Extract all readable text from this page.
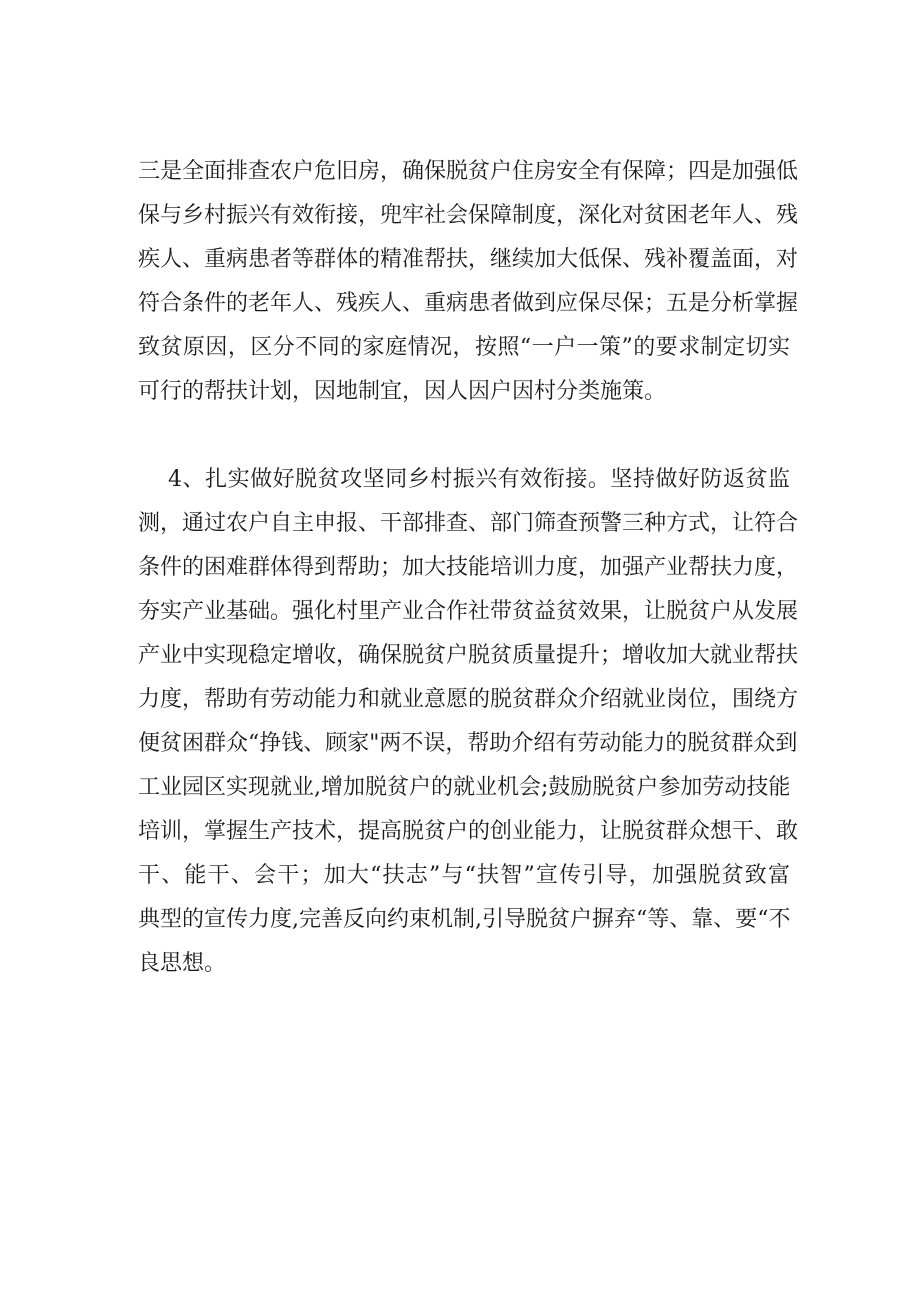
三是全面排查农户危旧房，确保脱贫户住房安全有保障；四是加强低
保与乡村振兴有效衔接，兜牢社会保障制度，深化对贫困老年人、残
疾人、重病患者等群体的精准帮扶，继续加大低保、残补覆盖面，对
符合条件的老年人、残疾人、重病患者做到应保尽保；五是分析掌握
致贫原因，区分不同的家庭情况，按照“一户一策”的要求制定切实
可行的帮扶计划，因地制宜，因人因户因村分类施策。
4、扎实做好脱贫攻坚同乡村振兴有效衔接。坚持做好防返贫监
测，通过农户自主申报、干部排查、部门筛查预警三种方式，让符合
条件的困难群体得到帮助；加大技能培训力度，加强产业帮扶力度，
夯实产业基础。强化村里产业合作社带贫益贫效果，让脱贫户从发展
产业中实现稳定增收，确保脱贫户脱贫质量提升；增收加大就业帮扶
力度，帮助有劳动能力和就业意愿的脱贫群众介绍就业岗位，围绕方
便贫困群众“挣钱、顾家"两不误，帮助介绍有劳动能力的脱贫群众到
工业园区实现就业,增加脱贫户的就业机会;鼓励脱贫户参加劳动技能
培训，掌握生产技术，提高脱贫户的创业能力，让脱贫群众想干、敢
干、能干、会干；加大“扶志”与“扶智”宣传引导，加强脱贫致富
典型的宣传力度,完善反向约束机制,引导脱贫户摒弃“等、靠、要“不
良思想。
